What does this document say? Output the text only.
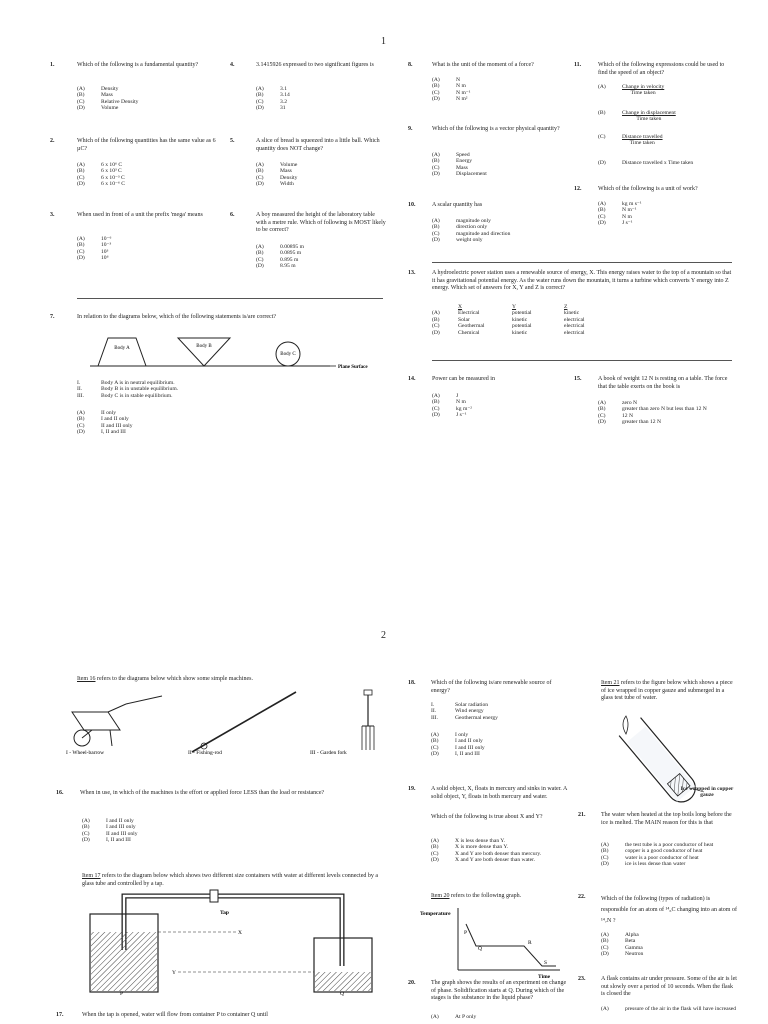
1
2
1.	Which of the following is a fundamental quantity?
(A)	Density
(B)	Mass
(C)	Relative Density
(D)	Volume
4.	3.1415926 expressed to two significant figures is
(A)	3.1
(B)	3.14
(C)	3.2
(D)	31
2.	Which of the following quantities has the same value as 6 µC?
(A)	6 x 10⁶ C
(B)	6 x 10³ C
(C)	6 x 10⁻³ C
(D)	6 x 10⁻⁶ C
5.	A slice of bread is squeezed into a little ball. Which quantity does NOT change?
(A)	Volume
(B)	Mass
(C)	Density
(D)	Width
3.	When used in front of a unit the prefix 'mega' means
(A)	10⁻⁶
(B)	10⁻³
(C)	10³
(D)	10⁶
6.	A boy measured the height of the laboratory table with a metre rule. Which of following is MOST likely to be correct?
(A)	0.00895 m
(B)	0.0895 m
(C)	0.895 m
(D)	8.95 m
7.	In relation to the diagrams below, which of the following statements is/are correct?
Body A	Body B
Body C
Plane Surface
I.	Body A is in neutral equilibrium.
II.	Body B is in unstable equilibrium.
III.	Body C is in stable equilibrium.
(A)	II only
(B)	I and II only
(C)	II and III only
(D)	I, II and III
8.	What is the unit of the moment of a force?
(A)	N
(B)	N m
(C)	N m⁻¹
(D)	N m²
9.	Which of the following is a vector physical quantity?
(A)	Speed
(B)	Energy
(C)	Mass
(D)	Displacement
10.	A scalar quantity has
(A)	magnitude only
(B)	direction only
(C)	magnitude and direction
(D)	weight only
11.	Which of the following expressions could be used to find the speed of an object?
(A)	$\frac{\text{Change in velocity}}{\text{Time taken}}$
(B)	$\frac{\text{Change in displacement}}{\text{Time taken}}$
(C)	$\frac{\text{Distance travelled}}{\text{Time taken}}$
(D)	Distance travelled x Time taken
12.	Which of the following is a unit of work?
(A)	kg m s⁻¹
(B)	N m⁻¹
(C)	N m
(D)	J s⁻¹
13.	A hydroelectric power station uses a renewable source of energy, X. This energy raises water to the top of a mountain so that it has gravitational potential energy. As the water runs down the mountain, it turns a turbine which converts Y energy into Z energy. Which set of answers for X, Y and Z is correct?
	X	Y	Z
(A)	Electrical	potential	kinetic
(B)	Solar	kinetic	electrical
(C)	Geothermal	potential	electrical
(D)	Chemical	kinetic	electrical
14.	Power can be measured in
(A)	J
(B)	N m
(C)	kg m⁻²
(D)	J s⁻¹
15.	A book of weight 12 N is resting on a table. The force that the table exerts on the book is
(A)	zero N
(B)	greater than zero N but less than 12 N
(C)	12 N
(D)	greater than 12 N
Item 16 refers to the diagrams below which show some simple machines.
I - Wheel-barrow	II - Fishing-rod	III - Garden fork
16.	When in use, in which of the machines is the effort or applied force LESS than the load or resistance?
(A)	I and II only
(B)	I and III only
(C)	II and III only
(D)	I, II and III
Item 17 refers to the diagram below which shows two different size containers with water at different levels connected by a glass tube and controlled by a tap.
Tap
X
Y
P	Q
17.	When the tap is opened, water will flow from container P to container Q until
18.	Which of the following is/are renewable source of energy?
I.	Solar radiation
II.	Wind energy
III.	Geothermal energy
(A)	I only
(B)	I and II only
(C)	I and III only
(D)	I, II and III
19.	A solid object, X, floats in mercury and sinks in water. A solid object, Y, floats in both mercury and water.
Which of the following is true about X and Y?
(A)	X is less dense than Y.
(B)	X is more dense than Y.
(C)	X and Y are both denser than mercury.
(D)	X and Y are both denser than water.
Item 20 refers to the following graph.
Temperature
Time
P
Q
R
S
20.	The graph shows the results of an experiment on change of phase. Solidification starts at Q. During which of the stages is the substance in the liquid phase?
(A)	At P only
Item 21 refers to the figure below which shows a piece of ice wrapped in copper gauze and submerged in a glass test tube of water.
Ice wrapped in copper gauze
21.	The water when heated at the top boils long before the ice is melted. The MAIN reason for this is that
(A)	the test tube is a poor conductor of heat
(B)	copper is a good conductor of heat
(C)	water is a poor conductor of heat
(D)	ice is less dense than water
22.	Which of the following (types of radiation) is responsible for an atom of ¹⁴₆C changing into an atom of ¹⁴₇N ?
(A)	Alpha
(B)	Beta
(C)	Gamma
(D)	Neutron
23.	A flask contains air under pressure. Some of the air is let out slowly over a period of 10 seconds. When the flask is closed the
(A)	pressure of the air in the flask will have increased
